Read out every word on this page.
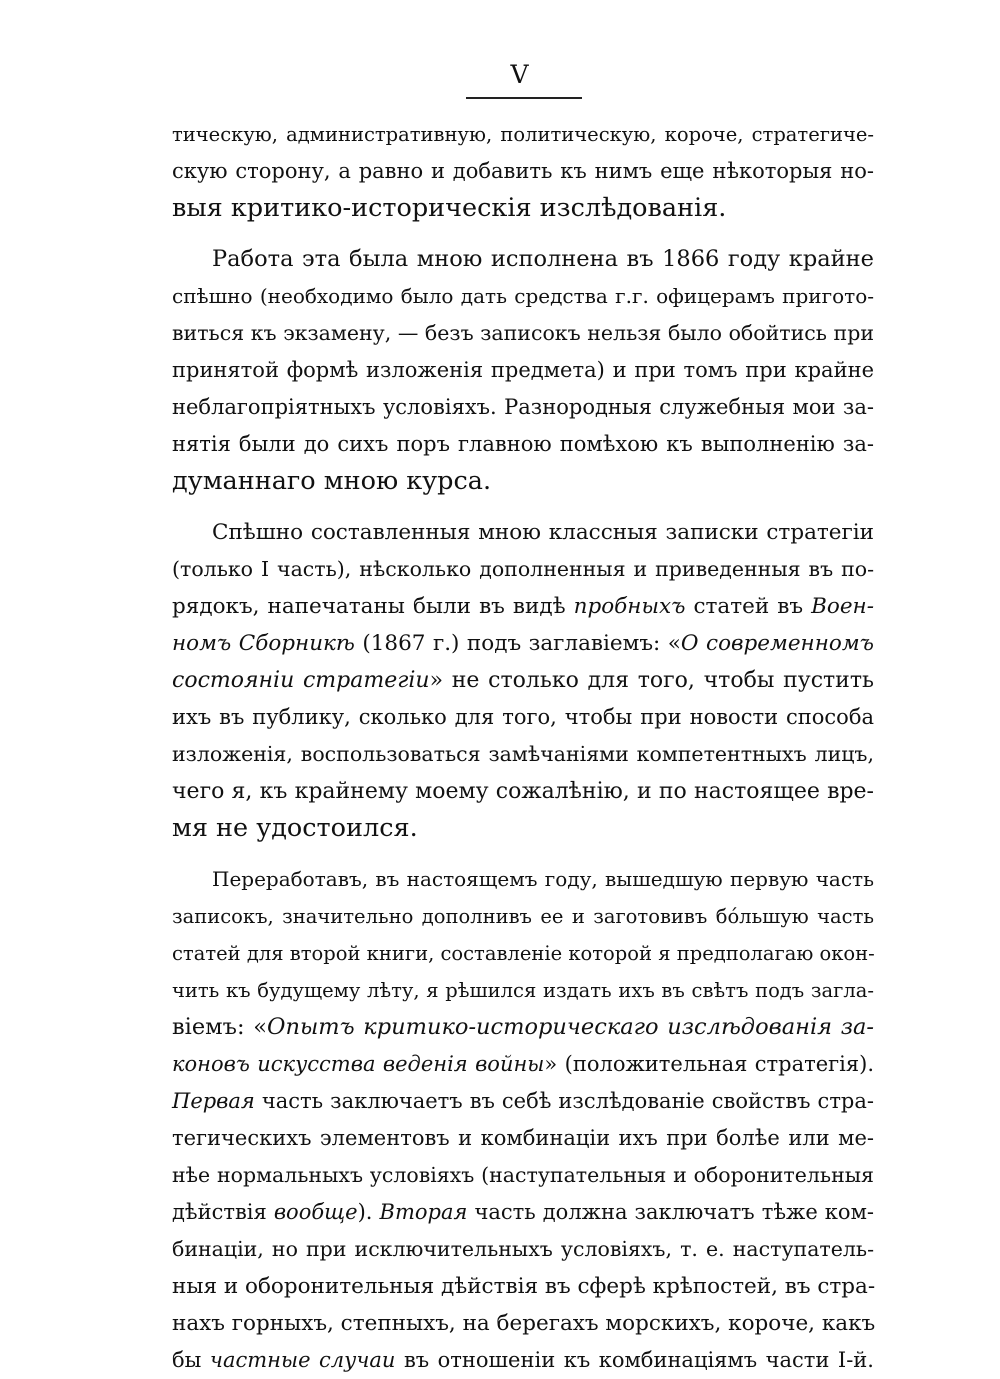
V
тическую, административную, политическую, короче, стратегиче-
скую сторону, а равно и добавить къ нимъ еще нѣкоторыя но-
выя критико-историческія изслѣдованія.
Работа эта была мною исполнена въ 1866 году крайне
спѣшно (необходимо было дать средства г.г. офицерамъ пригото-
виться къ экзамену, — безъ записокъ нельзя было обойтись при
принятой формѣ изложенія предмета) и при томъ при крайне
неблагопріятныхъ условіяхъ. Разнородныя служебныя мои за-
нятія были до сихъ поръ главною помѣхою къ выполненію за-
думаннаго мною курса.
Спѣшно составленныя мною классныя записки стратегіи
(только I часть), нѣсколько дополненныя и приведенныя въ по-
рядокъ, напечатаны были въ видѣ пробныхъ статей въ Воен-
номъ Сборникѣ (1867 г.) подъ заглавіемъ: «О современномъ
состояніи стратегіи» не столько для того, чтобы пустить
ихъ въ публику, сколько для того, чтобы при новости способа
изложенія, воспользоваться замѣчаніями компетентныхъ лицъ,
чего я, къ крайнему моему сожалѣнію, и по настоящее вре-
мя не удостоился.
Переработавъ, въ настоящемъ году, вышедшую первую часть
записокъ, значительно дополнивъ ее и заготовивъ бóльшую часть
статей для второй книги, составленіе которой я предполагаю окон-
чить къ будущему лѣту, я рѣшился издать ихъ въ свѣтъ подъ загла-
віемъ: «Опытъ критико-историческаго изслѣдованія за-
коновъ искусства веденія войны» (положительная стратегія).
Первая часть заключаетъ въ себѣ изслѣдованіе свойствъ стра-
тегическихъ элементовъ и комбинаціи ихъ при болѣе или ме-
нѣе нормальныхъ условіяхъ (наступательныя и оборонительныя
дѣйствія вообще). Вторая часть должна заключатъ тѣже ком-
бинаціи, но при исключительныхъ условіяхъ, т. е. наступатель-
ныя и оборонительныя дѣйствія въ сферѣ крѣпостей, въ стра-
нахъ горныхъ, степныхъ, на берегахъ морскихъ, короче, какъ
бы частные случаи въ отношеніи къ комбинаціямъ части I-й.
